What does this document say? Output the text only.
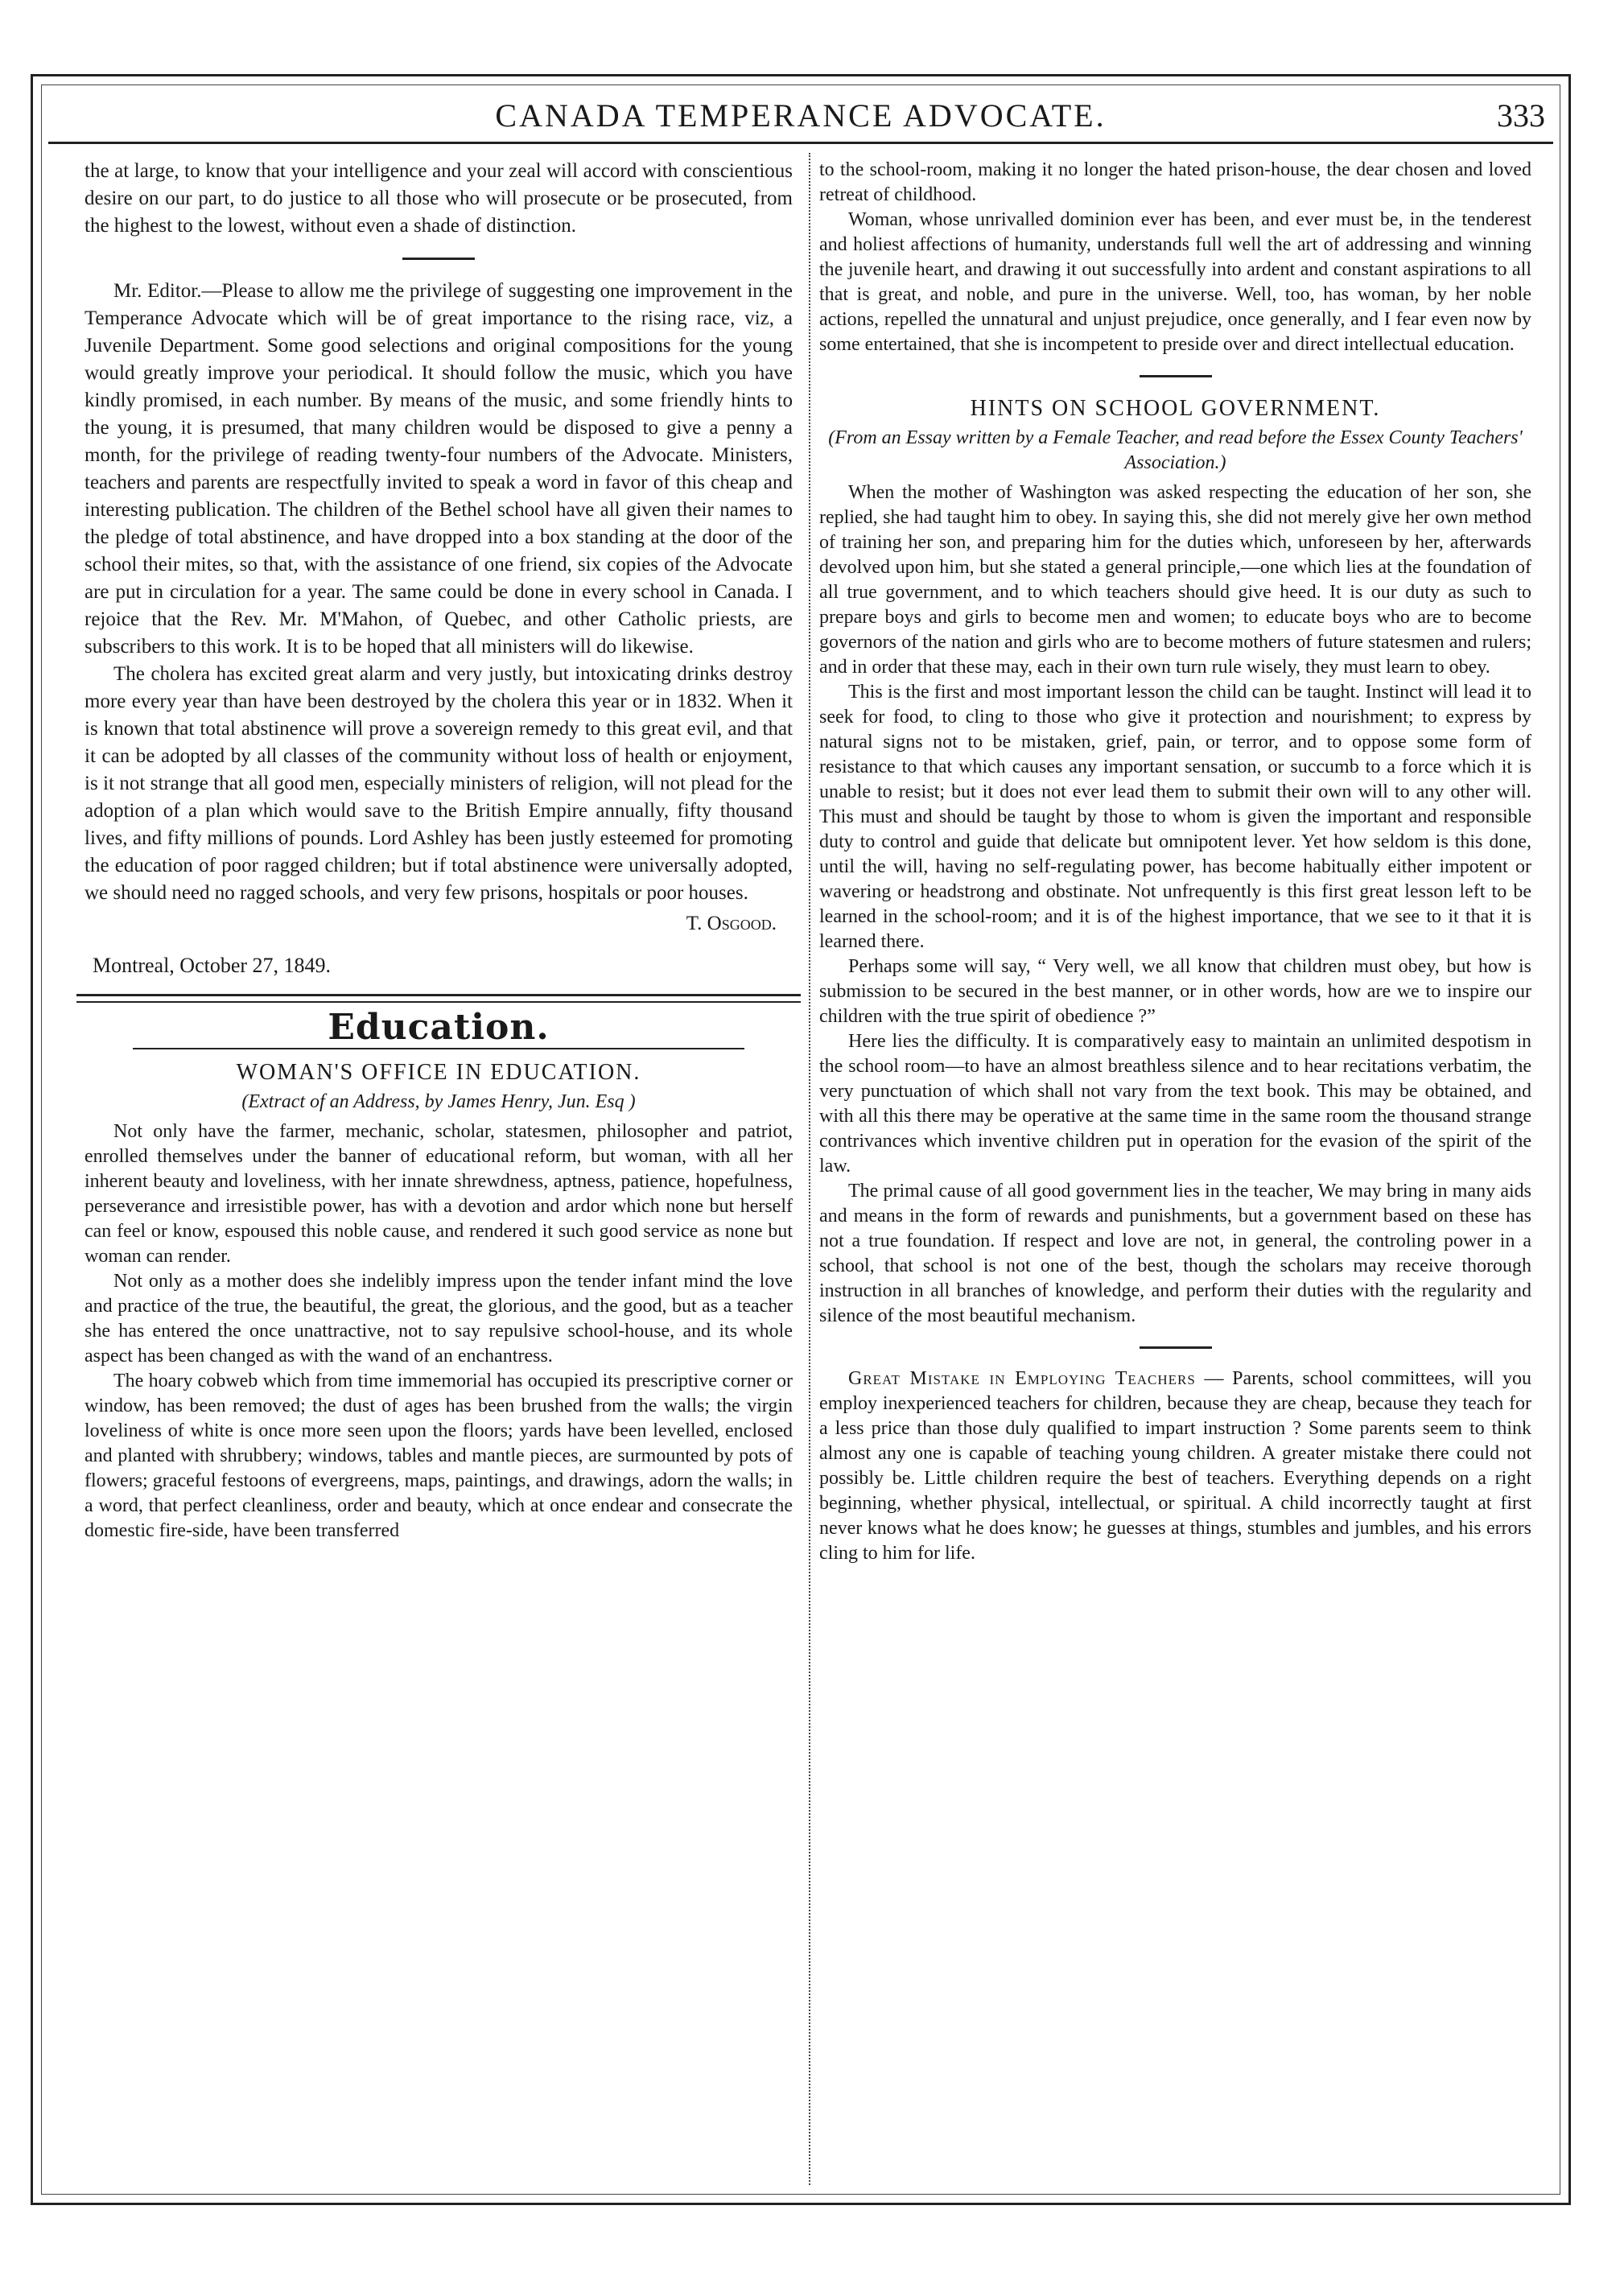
CANADA TEMPERANCE ADVOCATE.	333

the at large, to know that your intelligence and your zeal will accord with conscientious desire on our part, to do justice to all those who will prosecute or be prosecuted, from the highest to the lowest, without even a shade of distinction.

Mr. Editor.—Please to allow me the privilege of suggesting one improvement in the Temperance Advocate which will be of great importance to the rising race, viz, a Juvenile Department. Some good selections and original compositions for the young would greatly improve your periodical. It should follow the music, which you have kindly promised, in each number. By means of the music, and some friendly hints to the young, it is presumed, that many children would be disposed to give a penny a month, for the privilege of reading twenty-four numbers of the Advocate. Ministers, teachers and parents are respectfully invited to speak a word in favor of this cheap and interesting publication. The children of the Bethel school have all given their names to the pledge of total abstinence, and have dropped into a box standing at the door of the school their mites, so that, with the assistance of one friend, six copies of the Advocate are put in circulation for a year. The same could be done in every school in Canada. I rejoice that the Rev. Mr. M'Mahon, of Quebec, and other Catholic priests, are subscribers to this work. It is to be hoped that all ministers will do likewise.

The cholera has excited great alarm and very justly, but intoxicating drinks destroy more every year than have been destroyed by the cholera this year or in 1832. When it is known that total abstinence will prove a sovereign remedy to this great evil, and that it can be adopted by all classes of the community without loss of health or enjoyment, is it not strange that all good men, especially ministers of religion, will not plead for the adoption of a plan which would save to the British Empire annually, fifty thousand lives, and fifty millions of pounds. Lord Ashley has been justly esteemed for promoting the education of poor ragged children; but if total abstinence were universally adopted, we should need no ragged schools, and very few prisons, hospitals or poor houses.

T. Osgood.
Montreal, October 27, 1849.
Education.
WOMAN'S OFFICE IN EDUCATION.
(Extract of an Address, by James Henry, Jun. Esq )

Not only have the farmer, mechanic, scholar, statesmen, philosopher and patriot, enrolled themselves under the banner of educational reform, but woman, with all her inherent beauty and loveliness, with her innate shrewdness, aptness, patience, hopefulness, perseverance and irresistible power, has with a devotion and ardor which none but herself can feel or know, espoused this noble cause, and rendered it such good service as none but woman can render.

Not only as a mother does she indelibly impress upon the tender infant mind the love and practice of the true, the beautiful, the great, the glorious, and the good, but as a teacher she has entered the once unattractive, not to say repulsive school-house, and its whole aspect has been changed as with the wand of an enchantress.

The hoary cobweb which from time immemorial has occupied its prescriptive corner or window, has been removed; the dust of ages has been brushed from the walls; the virgin loveliness of white is once more seen upon the floors; yards have been levelled, enclosed and planted with shrubbery; windows, tables and mantle pieces, are surmounted by pots of flowers; graceful festoons of evergreens, maps, paintings, and drawings, adorn the walls; in a word, that perfect cleanliness, order and beauty, which at once endear and consecrate the domestic fire-side, have been transferred

to the school-room, making it no longer the hated prison-house, the dear chosen and loved retreat of childhood.

Woman, whose unrivalled dominion ever has been, and ever must be, in the tenderest and holiest affections of humanity, understands full well the art of addressing and winning the juvenile heart, and drawing it out successfully into ardent and constant aspirations to all that is great, and noble, and pure in the universe. Well, too, has woman, by her noble actions, repelled the unnatural and unjust prejudice, once generally, and I fear even now by some entertained, that she is incompetent to preside over and direct intellectual education.

HINTS ON SCHOOL GOVERNMENT.
(From an Essay written by a Female Teacher, and read before the Essex County Teachers' Association.)

When the mother of Washington was asked respecting the education of her son, she replied, she had taught him to obey. In saying this, she did not merely give her own method of training her son, and preparing him for the duties which, unforeseen by her, afterwards devolved upon him, but she stated a general principle,—one which lies at the foundation of all true government, and to which teachers should give heed. It is our duty as such to prepare boys and girls to become men and women; to educate boys who are to become governors of the nation and girls who are to become mothers of future statesmen and rulers; and in order that these may, each in their own turn rule wisely, they must learn to obey.

This is the first and most important lesson the child can be taught. Instinct will lead it to seek for food, to cling to those who give it protection and nourishment; to express by natural signs not to be mistaken, grief, pain, or terror, and to oppose some form of resistance to that which causes any important sensation, or succumb to a force which it is unable to resist; but it does not ever lead them to submit their own will to any other will. This must and should be taught by those to whom is given the important and responsible duty to control and guide that delicate but omnipotent lever. Yet how seldom is this done, until the will, having no self-regulating power, has become habitually either impotent or wavering or headstrong and obstinate. Not unfrequently is this first great lesson left to be learned in the school-room; and it is of the highest importance, that we see to it that it is learned there.

Perhaps some will say, “ Very well, we all know that children must obey, but how is submission to be secured in the best manner, or in other words, how are we to inspire our children with the true spirit of obedience ?”

Here lies the difficulty. It is comparatively easy to maintain an unlimited despotism in the school room—to have an almost breathless silence and to hear recitations verbatim, the very punctuation of which shall not vary from the text book. This may be obtained, and with all this there may be operative at the same time in the same room the thousand strange contrivances which inventive children put in operation for the evasion of the spirit of the law.

The primal cause of all good government lies in the teacher, We may bring in many aids and means in the form of rewards and punishments, but a government based on these has not a true foundation. If respect and love are not, in general, the controling power in a school, that school is not one of the best, though the scholars may receive thorough instruction in all branches of knowledge, and perform their duties with the regularity and silence of the most beautiful mechanism.

Great Mistake in Employing Teachers — Parents, school committees, will you employ inexperienced teachers for children, because they are cheap, because they teach for a less price than those duly qualified to impart instruction ? Some parents seem to think almost any one is capable of teaching young children. A greater mistake there could not possibly be. Little children require the best of teachers. Everything depends on a right beginning, whether physical, intellectual, or spiritual. A child incorrectly taught at first never knows what he does know; he guesses at things, stumbles and jumbles, and his errors cling to him for life.
